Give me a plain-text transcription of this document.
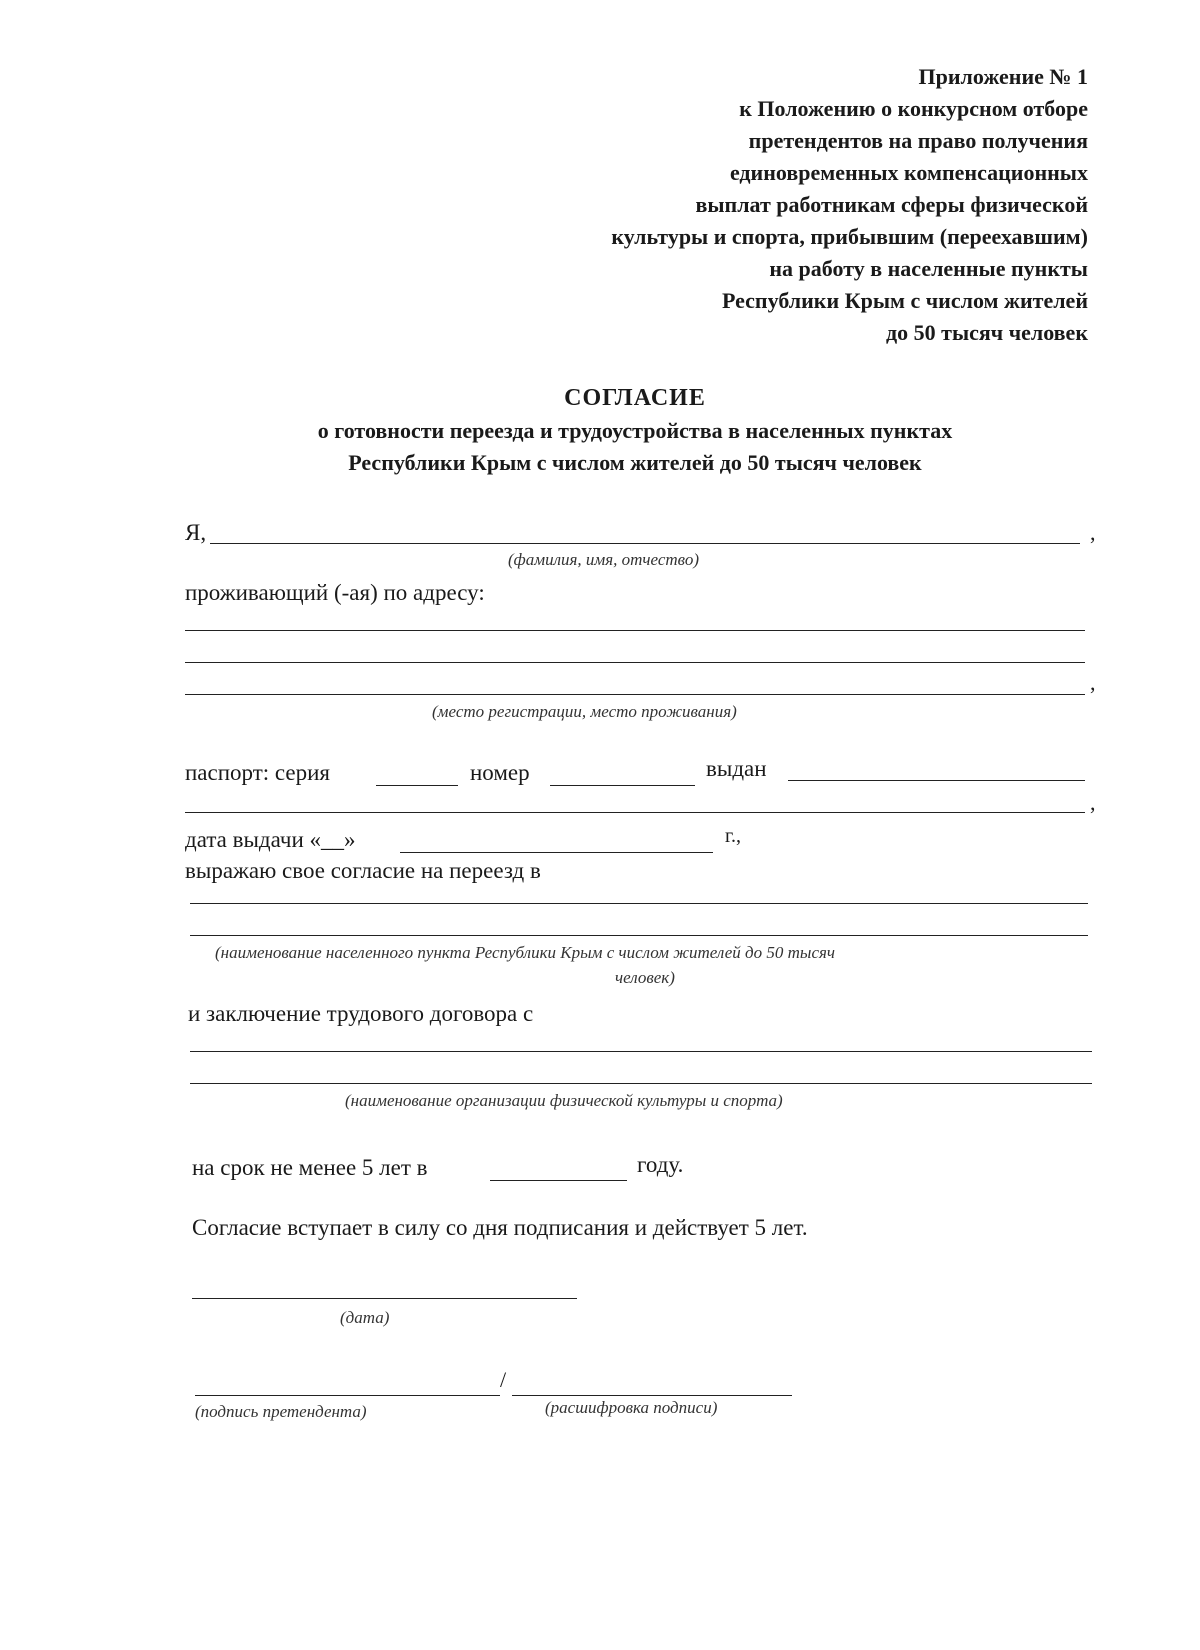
Приложение № 1
к Положению о конкурсном отборе
претендентов на право получения
единовременных компенсационных
выплат работникам сферы физической
культуры и спорта, прибывшим (переехавшим)
на работу в населенные пункты
Республики Крым с числом жителей
до 50 тысяч человек
СОГЛАСИЕ
о готовности переезда и трудоустройства в населенных пунктах
Республики Крым с числом жителей до 50 тысяч человек
Я,	,
(фамилия, имя, отчество)
проживающий (-ая) по адресу:
,
(место регистрации, место проживания)
паспорт: серия	номер	выдан
,
дата выдачи «__»	г.,
выражаю свое согласие на переезд в
(наименование населенного пункта Республики Крым с числом жителей до 50 тысяч
человек)
и заключение трудового договора с
(наименование организации физической культуры и спорта)
на срок не менее 5 лет в	году.
Согласие вступает в силу со дня подписания и действует 5 лет.
(дата)
/
(подпись претендента)	(расшифровка подписи)
